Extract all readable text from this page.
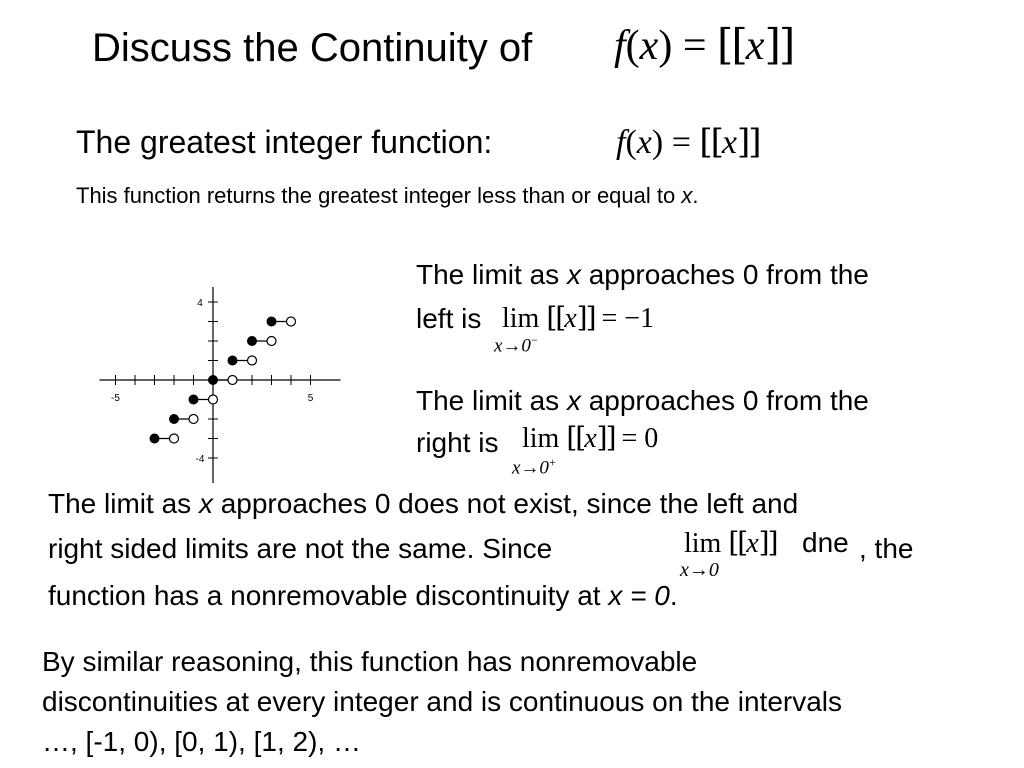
Discuss the Continuity of f(x) = [[x]]
The greatest integer function:	f(x) = [[x]]
This function returns the greatest integer less than or equal to x.
-5	5
4
-4
The limit as x approaches 0 from the
left is lim [[x]] = −1
x→0−
The limit as x approaches 0 from the
right is lim [[x]] = 0
x→0+
The limit as x approaches 0 does not exist, since the left and
right sided limits are not the same. Since	lim [[x]] dne , the
x→0
function has a nonremovable discontinuity at x = 0.
By similar reasoning, this function has nonremovable
discontinuities at every integer and is continuous on the intervals
…, [-1, 0), [0, 1), [1, 2), …
